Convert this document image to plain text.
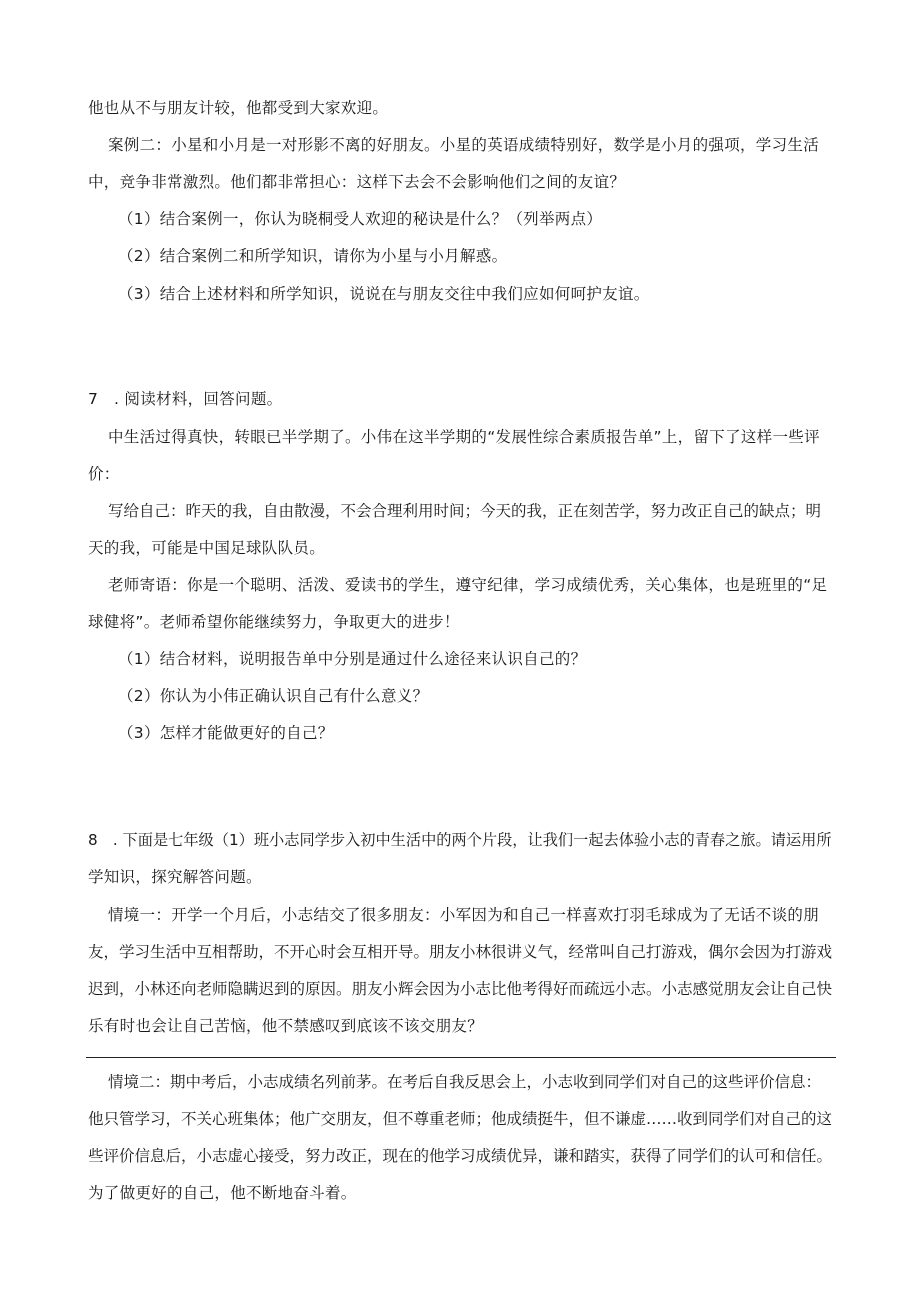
他也从不与朋友计较，他都受到大家欢迎。
案例二：小星和小月是一对形影不离的好朋友。小星的英语成绩特别好，数学是小月的强项，学习生活
中，竞争非常激烈。他们都非常担心：这样下去会不会影响他们之间的友谊？
（1）结合案例一，你认为晓桐受人欢迎的秘诀是什么？（列举两点）
（2）结合案例二和所学知识，请你为小星与小月解惑。
（3）结合上述材料和所学知识，说说在与朋友交往中我们应如何呵护友谊。
7　. 阅读材料，回答问题。
中生活过得真快，转眼已半学期了。小伟在这半学期的“发展性综合素质报告单”上，留下了这样一些评
价：
写给自己：昨天的我，自由散漫，不会合理利用时间；今天的我，正在刻苦学，努力改正自己的缺点；明
天的我，可能是中国足球队队员。
老师寄语：你是一个聪明、活泼、爱读书的学生，遵守纪律，学习成绩优秀，关心集体，也是班里的“足
球健将”。老师希望你能继续努力，争取更大的进步！
（1）结合材料，说明报告单中分别是通过什么途径来认识自己的？
（2）你认为小伟正确认识自己有什么意义？
（3）怎样才能做更好的自己？
8　. 下面是七年级（1）班小志同学步入初中生活中的两个片段，让我们一起去体验小志的青春之旅。请运用所
学知识，探究解答问题。
情境一：开学一个月后，小志结交了很多朋友：小军因为和自己一样喜欢打羽毛球成为了无话不谈的朋
友，学习生活中互相帮助，不开心时会互相开导。朋友小林很讲义气，经常叫自己打游戏，偶尔会因为打游戏
迟到，小林还向老师隐瞒迟到的原因。朋友小辉会因为小志比他考得好而疏远小志。小志感觉朋友会让自己快
乐有时也会让自己苦恼，他不禁感叹到底该不该交朋友？
情境二：期中考后，小志成绩名列前茅。在考后自我反思会上，小志收到同学们对自己的这些评价信息：
他只管学习，不关心班集体；他广交朋友，但不尊重老师；他成绩挺牛，但不谦虚……收到同学们对自己的这
些评价信息后，小志虚心接受，努力改正，现在的他学习成绩优异，谦和踏实，获得了同学们的认可和信任。
为了做更好的自己，他不断地奋斗着。
